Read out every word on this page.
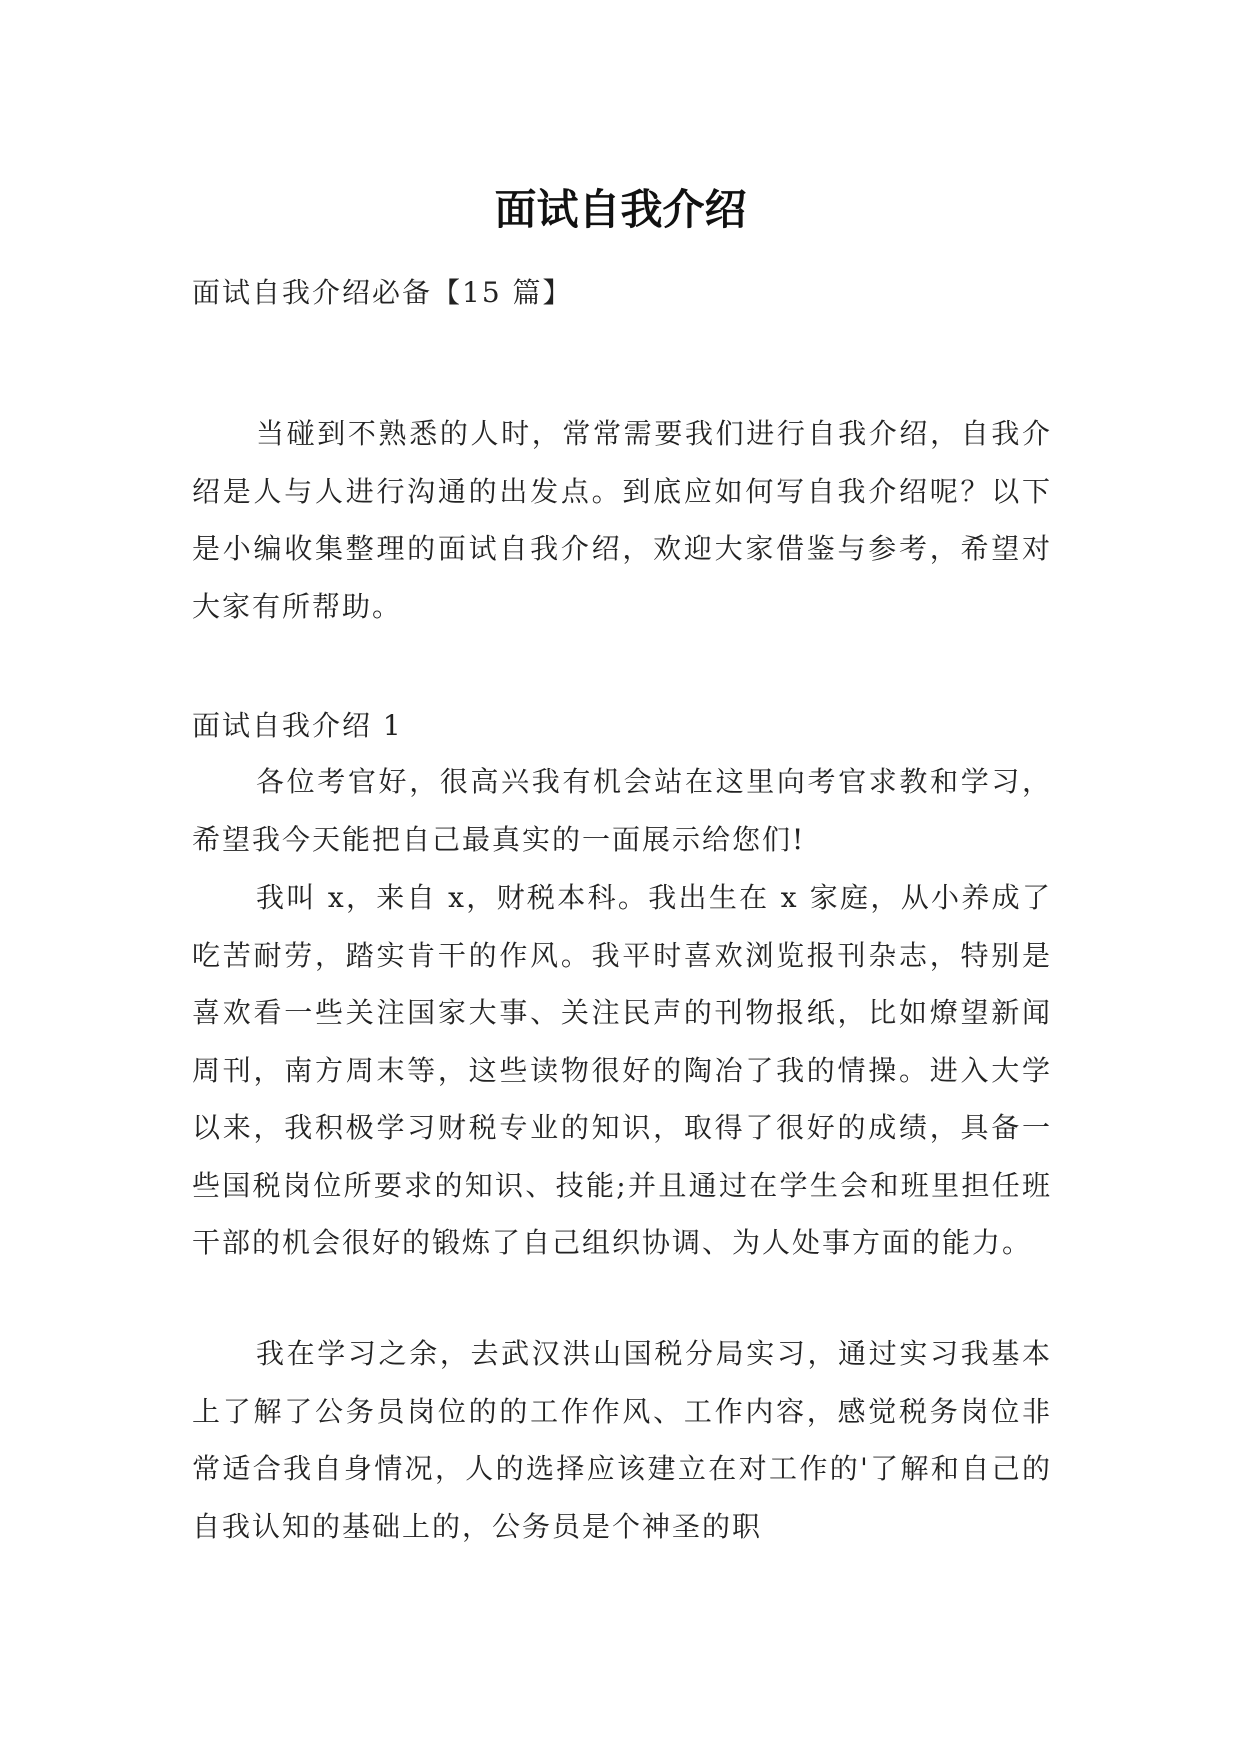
面试自我介绍

面试自我介绍必备【15 篇】

当碰到不熟悉的人时，常常需要我们进行自我介绍，自我介绍是人与人进行沟通的出发点。到底应如何写自我介绍呢？以下是小编收集整理的面试自我介绍，欢迎大家借鉴与参考，希望对大家有所帮助。

面试自我介绍 1

各位考官好，很高兴我有机会站在这里向考官求教和学习，希望我今天能把自己最真实的一面展示给您们!

我叫 x，来自 x，财税本科。我出生在 x 家庭，从小养成了吃苦耐劳，踏实肯干的作风。我平时喜欢浏览报刊杂志，特别是喜欢看一些关注国家大事、关注民声的刊物报纸，比如燎望新闻周刊，南方周末等，这些读物很好的陶冶了我的情操。进入大学以来，我积极学习财税专业的知识，取得了很好的成绩，具备一些国税岗位所要求的知识、技能;并且通过在学生会和班里担任班干部的机会很好的锻炼了自己组织协调、为人处事方面的能力。

我在学习之余，去武汉洪山国税分局实习，通过实习我基本上了解了公务员岗位的的工作作风、工作内容，感觉税务岗位非常适合我自身情况，人的选择应该建立在对工作的'了解和自己的自我认知的基础上的，公务员是个神圣的职
